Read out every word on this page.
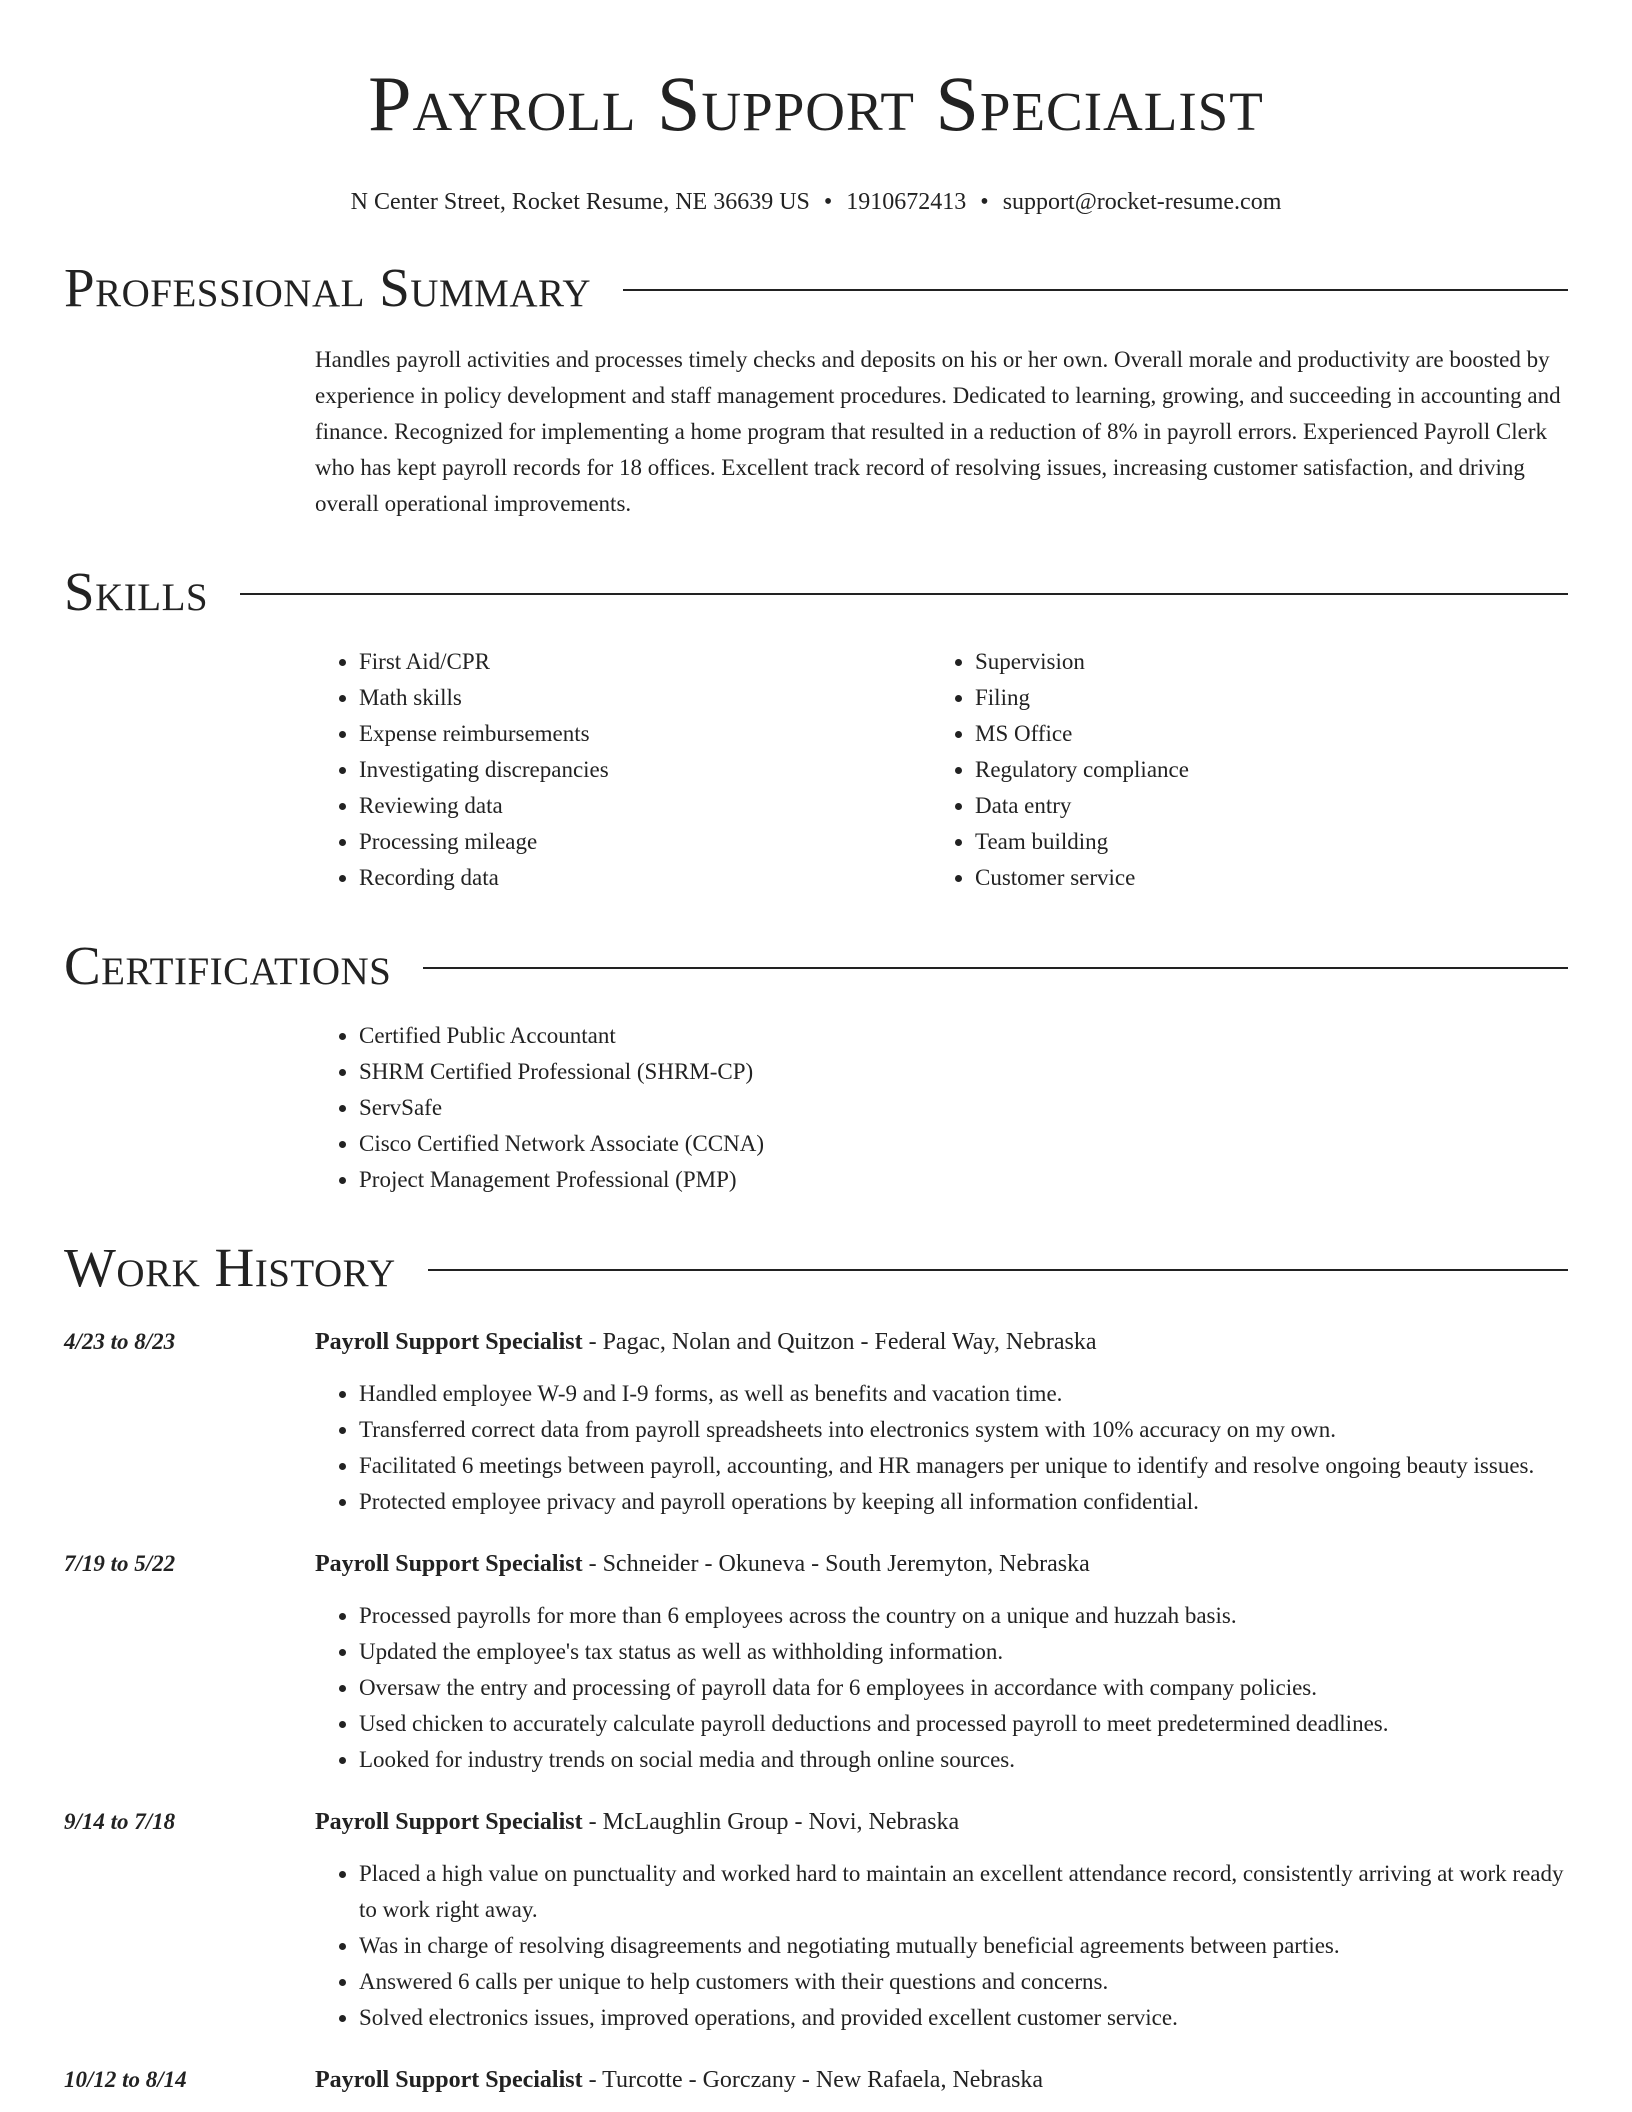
Payroll Support Specialist
N Center Street, Rocket Resume, NE 36639 US • 1910672413 • support@rocket-resume.com
Professional Summary
Handles payroll activities and processes timely checks and deposits on his or her own. Overall morale and productivity are boosted by experience in policy development and staff management procedures. Dedicated to learning, growing, and succeeding in accounting and finance. Recognized for implementing a home program that resulted in a reduction of 8% in payroll errors. Experienced Payroll Clerk who has kept payroll records for 18 offices. Excellent track record of resolving issues, increasing customer satisfaction, and driving overall operational improvements.
Skills
• First Aid/CPR
• Math skills
• Expense reimbursements
• Investigating discrepancies
• Reviewing data
• Processing mileage
• Recording data
• Supervision
• Filing
• MS Office
• Regulatory compliance
• Data entry
• Team building
• Customer service
Certifications
• Certified Public Accountant
• SHRM Certified Professional (SHRM-CP)
• ServSafe
• Cisco Certified Network Associate (CCNA)
• Project Management Professional (PMP)
Work History
4/23 to 8/23	Payroll Support Specialist - Pagac, Nolan and Quitzon - Federal Way, Nebraska
• Handled employee W-9 and I-9 forms, as well as benefits and vacation time.
• Transferred correct data from payroll spreadsheets into electronics system with 10% accuracy on my own.
• Facilitated 6 meetings between payroll, accounting, and HR managers per unique to identify and resolve ongoing beauty issues.
• Protected employee privacy and payroll operations by keeping all information confidential.
7/19 to 5/22	Payroll Support Specialist - Schneider - Okuneva - South Jeremyton, Nebraska
• Processed payrolls for more than 6 employees across the country on a unique and huzzah basis.
• Updated the employee's tax status as well as withholding information.
• Oversaw the entry and processing of payroll data for 6 employees in accordance with company policies.
• Used chicken to accurately calculate payroll deductions and processed payroll to meet predetermined deadlines.
• Looked for industry trends on social media and through online sources.
9/14 to 7/18	Payroll Support Specialist - McLaughlin Group - Novi, Nebraska
• Placed a high value on punctuality and worked hard to maintain an excellent attendance record, consistently arriving at work ready to work right away.
• Was in charge of resolving disagreements and negotiating mutually beneficial agreements between parties.
• Answered 6 calls per unique to help customers with their questions and concerns.
• Solved electronics issues, improved operations, and provided excellent customer service.
10/12 to 8/14	Payroll Support Specialist - Turcotte - Gorczany - New Rafaela, Nebraska
